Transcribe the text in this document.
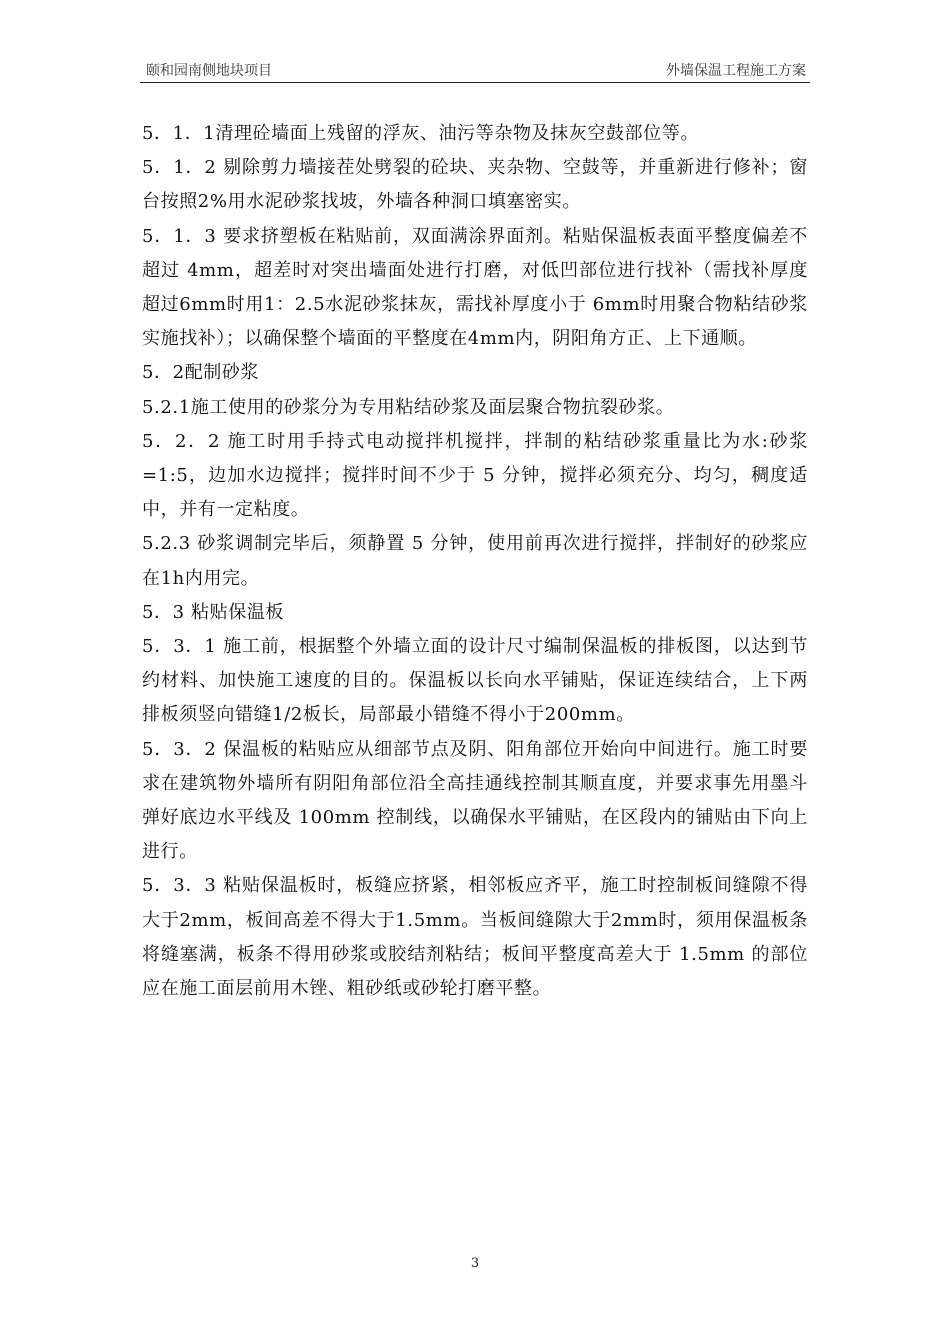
颐和园南侧地块项目	外墙保温工程施工方案

5．1．1清理砼墙面上残留的浮灰、油污等杂物及抹灰空鼓部位等。

5．1．2 剔除剪力墙接茬处劈裂的砼块、夹杂物、空鼓等，并重新进行修补；窗台按照2%用水泥砂浆找坡，外墙各种洞口填塞密实。

5．1．3 要求挤塑板在粘贴前，双面满涂界面剂。粘贴保温板表面平整度偏差不超过 4mm，超差时对突出墙面处进行打磨，对低凹部位进行找补（需找补厚度超过6mm时用1：2.5水泥砂浆抹灰，需找补厚度小于 6mm时用聚合物粘结砂浆实施找补）；以确保整个墙面的平整度在4mm内，阴阳角方正、上下通顺。

5．2配制砂浆

5.2.1施工使用的砂浆分为专用粘结砂浆及面层聚合物抗裂砂浆。

5．2．2 施工时用手持式电动搅拌机搅拌，拌制的粘结砂浆重量比为水:砂浆=1:5，边加水边搅拌；搅拌时间不少于 5 分钟，搅拌必须充分、均匀，稠度适中，并有一定粘度。

5.2.3 砂浆调制完毕后，须静置 5 分钟，使用前再次进行搅拌，拌制好的砂浆应在1h内用完。

5．3 粘贴保温板

5．3．1 施工前，根据整个外墙立面的设计尺寸编制保温板的排板图，以达到节约材料、加快施工速度的目的。保温板以长向水平铺贴，保证连续结合，上下两排板须竖向错缝1/2板长，局部最小错缝不得小于200mm。

5．3．2 保温板的粘贴应从细部节点及阴、阳角部位开始向中间进行。施工时要求在建筑物外墙所有阴阳角部位沿全高挂通线控制其顺直度，并要求事先用墨斗弹好底边水平线及 100mm 控制线，以确保水平铺贴，在区段内的铺贴由下向上进行。

5．3．3 粘贴保温板时，板缝应挤紧，相邻板应齐平，施工时控制板间缝隙不得大于2mm，板间高差不得大于1.5mm。当板间缝隙大于2mm时，须用保温板条将缝塞满，板条不得用砂浆或胶结剂粘结；板间平整度高差大于 1.5mm 的部位应在施工面层前用木锉、粗砂纸或砂轮打磨平整。

3
